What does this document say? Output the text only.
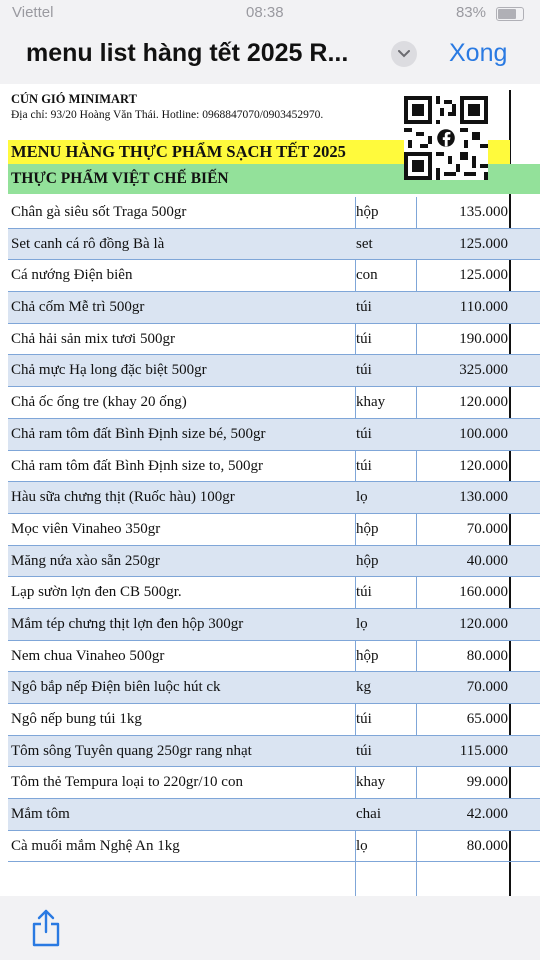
Viettel	08:38	83%
menu list hàng tết 2025 R...	Xong
CÚN GIÓ MINIMART
Địa chỉ: 93/20 Hoàng Văn Thái. Hotline: 0968847070/0903452970.
MENU HÀNG THỰC PHẨM SẠCH TẾT 2025
THỰC PHẨM VIỆT CHẾ BIẾN
Chân gà siêu sốt Traga 500gr	hộp	135.000
Set canh cá rô đồng Bà là	set	125.000
Cá nướng Điện biên	con	125.000
Chả cốm Mễ trì 500gr	túi	110.000
Chả hải sản mix tươi 500gr	túi	190.000
Chả mực Hạ long đặc biệt 500gr	túi	325.000
Chả ốc ống tre (khay 20 ống)	khay	120.000
Chả ram tôm đất Bình Định size bé, 500gr	túi	100.000
Chả ram tôm đất Bình Định size to, 500gr	túi	120.000
Hàu sữa chưng thịt (Ruốc hàu) 100gr	lọ	130.000
Mọc viên Vinaheo 350gr	hộp	70.000
Măng nứa xào sẵn 250gr	hộp	40.000
Lạp sườn lợn đen CB 500gr.	túi	160.000
Mắm tép chưng thịt lợn đen hộp 300gr	lọ	120.000
Nem chua Vinaheo 500gr	hộp	80.000
Ngô bắp nếp Điện biên luộc hút ck	kg	70.000
Ngô nếp bung túi 1kg	túi	65.000
Tôm sông Tuyên quang 250gr rang nhạt	túi	115.000
Tôm thẻ Tempura loại to 220gr/10 con	khay	99.000
Mắm tôm	chai	42.000
Cà muối mắm Nghệ An 1kg	lọ	80.000
